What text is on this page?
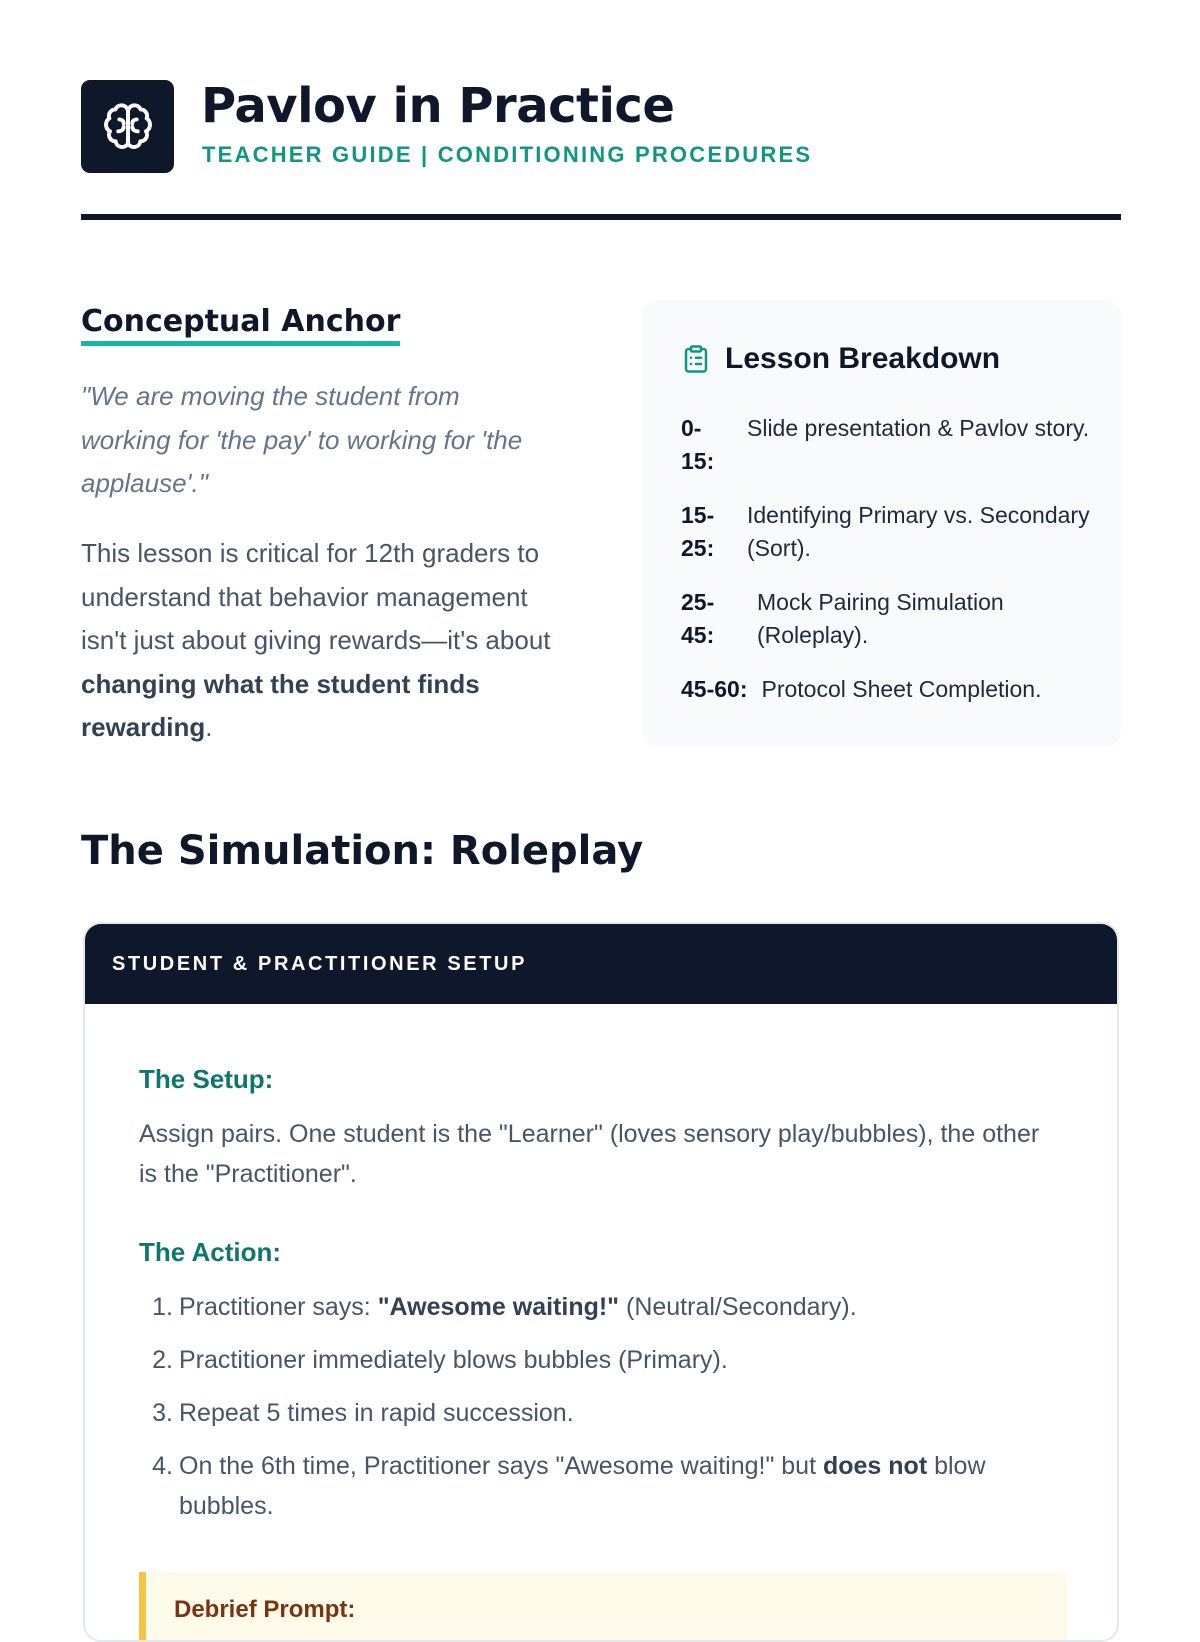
Pavlov in Practice
TEACHER GUIDE | CONDITIONING PROCEDURES
Conceptual Anchor

"We are moving the student from working for 'the pay' to working for 'the applause'."

This lesson is critical for 12th graders to understand that behavior management isn't just about giving rewards—it's about changing what the student finds rewarding.

Lesson Breakdown
0-15:
Slide presentation & Pavlov story.
15-25:
Identifying Primary vs. Secondary (Sort).
25-45:
Mock Pairing Simulation (Roleplay).
45-60: Protocol Sheet Completion.
The Simulation: Roleplay
STUDENT & PRACTITIONER SETUP
The Setup:

Assign pairs. One student is the "Learner" (loves sensory play/bubbles), the other is the "Practitioner".

The Action:
1. Practitioner says: "Awesome waiting!" (Neutral/Secondary).
2. Practitioner immediately blows bubbles (Primary).
3. Repeat 5 times in rapid succession.
4. On the 6th time, Practitioner says "Awesome waiting!" but does not blow bubbles.
Debrief Prompt:
